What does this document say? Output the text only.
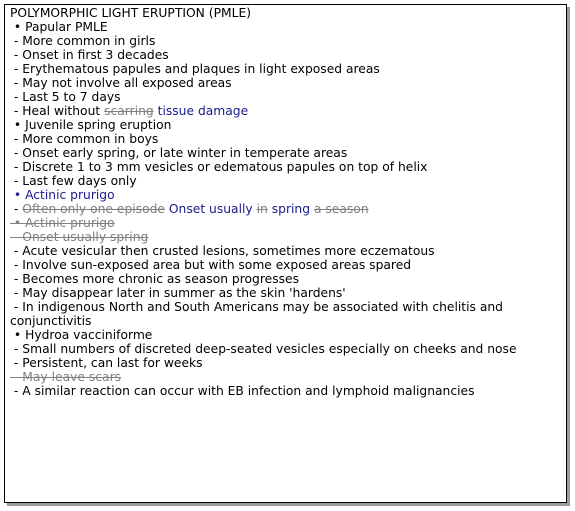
POLYMORPHIC LIGHT ERUPTION (PMLE)
• Papular PMLE
- More common in girls
- Onset in first 3 decades
- Erythematous papules and plaques in light exposed areas
- May not involve all exposed areas
- Last 5 to 7 days
- Heal without scarring tissue damage
• Juvenile spring eruption
- More common in boys
- Onset early spring, or late winter in temperate areas
- Discrete 1 to 3 mm vesicles or edematous papules on top of helix
- Last few days only
• Actinic prurigo
- Often only one episode Onset usually in spring a season
• Actinic prurigo
- Onset usually spring
- Acute vesicular then crusted lesions, sometimes more eczematous
- Involve sun-exposed area but with some exposed areas spared
- Becomes more chronic as season progresses
- May disappear later in summer as the skin 'hardens'
- In indigenous North and South Americans may be associated with chelitis and conjunctivitis
• Hydroa vacciniforme
- Small numbers of discreted deep-seated vesicles especially on cheeks and nose
- Persistent, can last for weeks
- May leave scars
- A similar reaction can occur with EB infection and lymphoid malignancies
